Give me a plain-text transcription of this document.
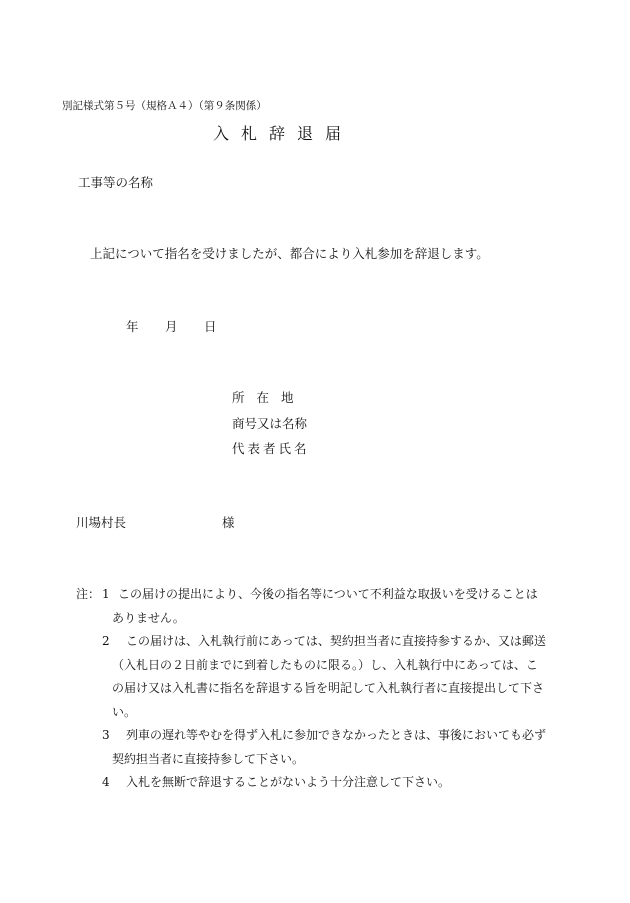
別記様式第５号（規格Ａ４）（第９条関係）
入札辞退届
工事等の名称
上記について指名を受けましたが、都合により入札参加を辞退します。
年 月 日
所在地
商号又は名称
代表者氏名
川場村長	様
注： 1 この届けの提出により、今後の指名等について不利益な取扱いを受けることは
ありません。
2	この届けは、入札執行前にあっては、契約担当者に直接持参するか、又は郵送
（入札日の２日前までに到着したものに限る。）し、入札執行中にあっては、こ
の届け又は入札書に指名を辞退する旨を明記して入札執行者に直接提出して下さ
い。
3	列車の遅れ等やむを得ず入札に参加できなかったときは、事後においても必ず
契約担当者に直接持参して下さい。
4	入札を無断で辞退することがないよう十分注意して下さい。
